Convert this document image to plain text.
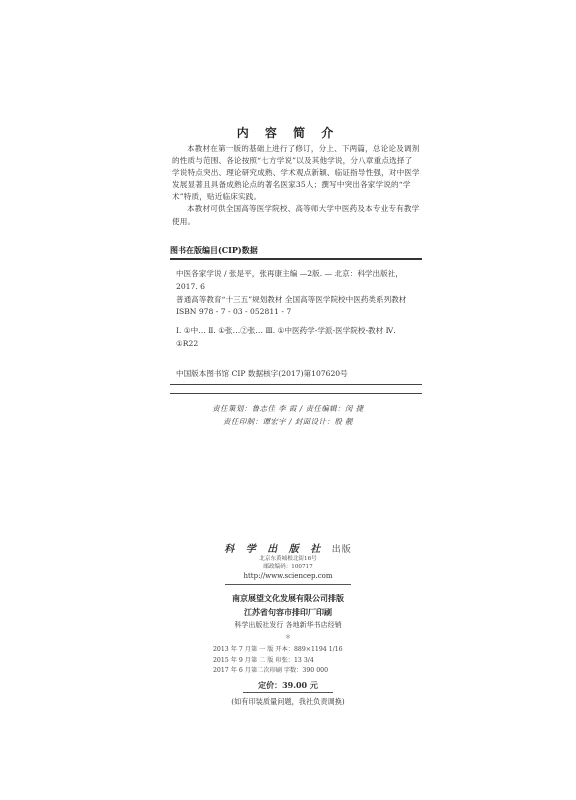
内 容 简 介

本教材在第一版的基础上进行了修订，分上、下两篇，总论论及调剂的性质与范围、各论按照“七方学说”以及其他学说，分八章重点选择了学说特点突出、理论研究成熟、学术观点新颖、临证指导性强，对中医学发展显著且具备成熟论点的著名医家35人；撰写中突出各家学说的“学术”特质，贴近临床实践。

本教材可供全国高等医学院校、高等师大学中医药及本专业专有教学使用。

图书在版编目(CIP)数据
中医各家学说 / 张是平，张再康主编 —2版. — 北京：科学出版社，2017. 6
普通高等教育“十三五”规划教材 全国高等医学院校中医药类系列教材
ISBN 978 - 7 - 03 - 052811 - 7
Ⅰ. ①中… Ⅱ. ①张…②张… Ⅲ. ①中医药学-学派-医学院校-教材 Ⅳ. ①R22
中国版本图书馆 CIP 数据核字(2017)第107620号
责任策划：鲁志佳 李 霞 / 责任编辑：闵 捷
责任印制：谭宏宇 / 封面设计：殷 靓
科 学 出 版 社 出版
北京东黄城根北街16号
邮政编码：100717
http://www.sciencep.com
南京展望文化发展有限公司排版
江苏省句容市排印厂印刷
科学出版社发行 各地新华书店经销
＊
2013 年 7 月第 一 版 开本：889×1194 1/16
2015 年 9 月第 二 版 印张：13 3/4
2017 年 6 月第二次印刷 字数：390 000
定价：39.00 元
(如有印装质量问题，我社负责调换)
